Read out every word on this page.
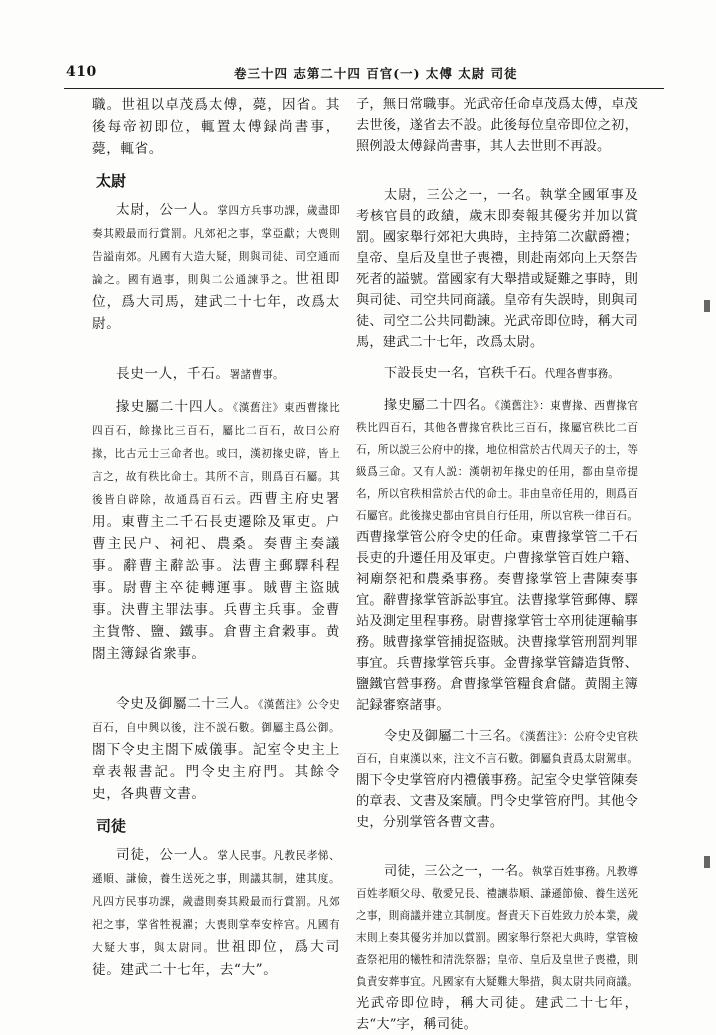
410	卷三十四 志第二十四 百官(一) 太傅 太尉 司徒
職。世祖以卓茂爲太傅，薨，因省。其後每帝初即位，輒置太傅録尚書事，薨，輒省。
太尉
太尉，公一人。掌四方兵事功課，歲盡即奏其殿最而行賞罰。凡郊祀之事，掌亞獻；大喪則告謚南郊。凡國有大造大疑，則與司徒、司空通而論之。國有過事，則與二公通諫爭之。世祖即位，爲大司馬，建武二十七年，改爲太尉。
長史一人，千石。署諸曹事。
掾史屬二十四人。《漢舊注》東西曹掾比四百石，餘掾比三百石，屬比二百石，故曰公府掾，比古元士三命者也。或曰，漢初掾史辟，皆上言之，故有秩比命士。其所不言，則爲百石屬。其後皆自辟除，故通爲百石云。西曹主府史署用。東曹主二千石長吏遷除及軍吏。户曹主民户、祠祀、農桑。奏曹主奏議事。辭曹主辭訟事。法曹主郵驛科程事。尉曹主卒徒轉運事。賊曹主盜賊事。決曹主罪法事。兵曹主兵事。金曹主貨幣、鹽、鐵事。倉曹主倉穀事。黄閤主簿録省衆事。
令史及御屬二十三人。《漢舊注》公令史百石，自中興以後，注不説石數。御屬主爲公御。閤下令史主閤下威儀事。記室令史主上章表報書記。門令史主府門。其餘令史，各典曹文書。
司徒
司徒，公一人。掌人民事。凡教民孝悌、遜順、謙儉，養生送死之事，則議其制，建其度。凡四方民事功課，歲盡則奏其殿最而行賞罰。凡郊祀之事，掌省牲視濯；大喪則掌奉安梓宫。凡國有大疑大事，與太尉同。世祖即位，爲大司徒。建武二十七年，去“大”。
子，無日常職事。光武帝任命卓茂爲太傅，卓茂去世後，遂省去不設。此後每位皇帝即位之初，照例設太傅録尚書事，其人去世則不再設。
太尉，三公之一，一名。執掌全國軍事及考核官員的政績，歲末即奏報其優劣并加以賞罰。國家舉行郊祀大典時，主持第二次獻爵禮；皇帝、皇后及皇世子喪禮，則赴南郊向上天祭告死者的謚號。當國家有大舉措或疑難之事時，則與司徒、司空共同商議。皇帝有失誤時，則與司徒、司空二公共同勸諫。光武帝即位時，稱大司馬，建武二十七年，改爲太尉。
下設長史一名，官秩千石。代理各曹事務。
掾史屬二十四名。《漢舊注》：東曹掾、西曹掾官秩比四百石，其他各曹掾官秩比三百石，掾屬官秩比二百石，所以説三公府中的掾，地位相當於古代周天子的士，等級爲三命。又有人説：漢朝初年掾史的任用，都由皇帝提名，所以官秩相當於古代的命士。非由皇帝任用的，則爲百石屬官。此後掾史都由官員自行任用，所以官秩一律百石。西曹掾掌管公府令史的任命。東曹掾掌管二千石長吏的升遷任用及軍吏。户曹掾掌管百姓户籍、祠廟祭祀和農桑事務。奏曹掾掌管上書陳奏事宜。辭曹掾掌管訴訟事宜。法曹掾掌管郵傳、驛站及測定里程事務。尉曹掾掌管士卒刑徒運輸事務。賊曹掾掌管捕捉盜賊。決曹掾掌管刑罰判罪事宜。兵曹掾掌管兵事。金曹掾掌管鑄造貨幣、鹽鐵官營事務。倉曹掾掌管糧食倉儲。黄閤主簿記録審察諸事。
令史及御屬二十三名。《漢舊注》：公府令史官秩百石，自東漢以來，注文不言石數。御屬負責爲太尉駕車。閤下令史掌管府内禮儀事務。記室令史掌管陳奏的章表、文書及案牘。門令史掌管府門。其他令史，分别掌管各曹文書。
司徒，三公之一，一名。執掌百姓事務。凡教導百姓孝順父母、敬愛兄長、禮讓恭順、謙遜節儉、養生送死之事，則商議并建立其制度。督責天下百姓致力於本業，歲末則上奏其優劣并加以賞罰。國家舉行祭祀大典時，掌管檢查祭祀用的犧牲和清洗祭器；皇帝、皇后及皇世子喪禮，則負責安葬事宜。凡國家有大疑難大舉措，與太尉共同商議。光武帝即位時，稱大司徒。建武二十七年，去“大”字，稱司徒。
